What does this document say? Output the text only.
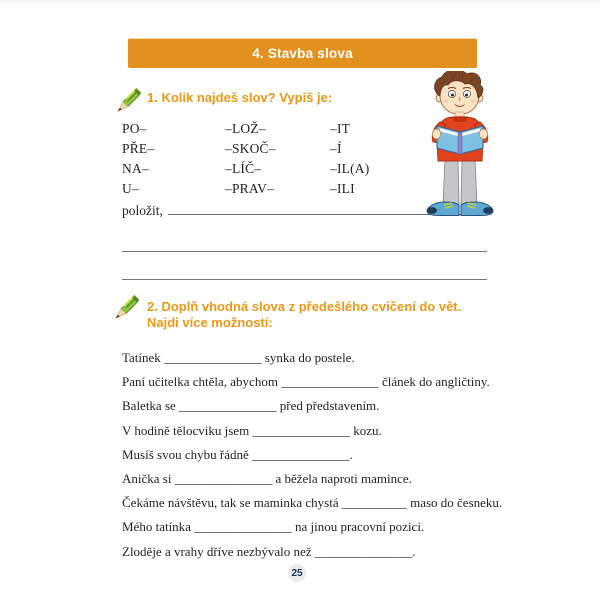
4. Stavba slova
1. Kolik najdeš slov? Vypiš je:
PO–	–LOŽ–	–IT
PŘE–	–SKOČ–	–Í
NA–	–LÍČ–	–IL(A)
U–	–PRAV–	–ILI
položit,
2. Doplň vhodná slova z předešlého cvičení do vět.
Najdi více možností:
Tatínek _______________ synka do postele.
Paní učitelka chtěla, abychom _______________ článek do angličtiny.
Baletka se _______________ před představením.
V hodině tělocviku jsem _______________ kozu.
Musíš svou chybu řádně _______________.
Anička si _______________ a běžela naproti mamince.
Čekáme návštěvu, tak se maminka chystá __________ maso do česneku.
Mého tatínka _______________ na jinou pracovní pozici.
Zloděje a vrahy dříve nezbývalo než _______________.
25
